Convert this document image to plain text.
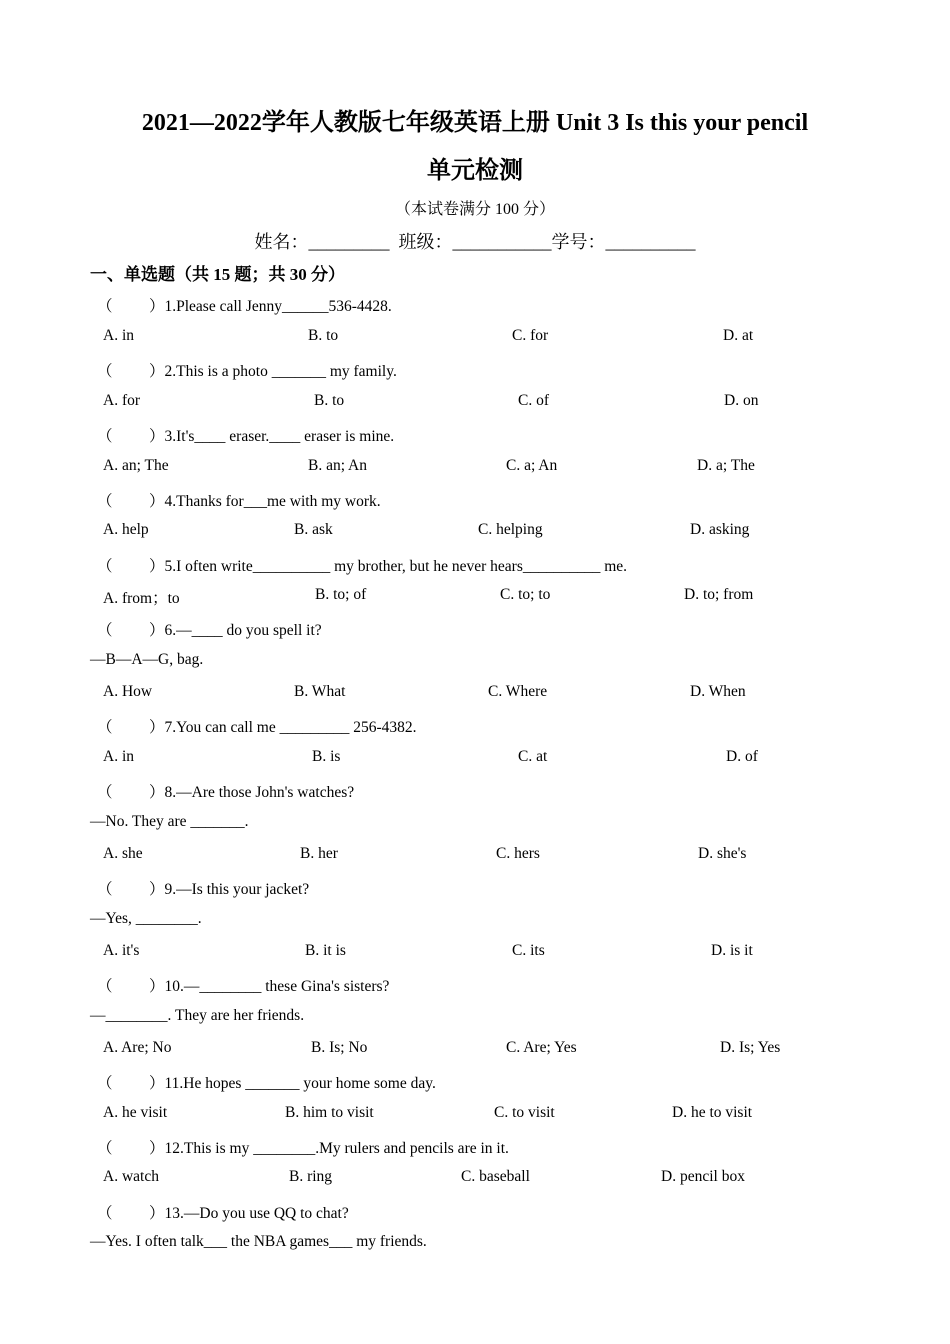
2021—2022学年人教版七年级英语上册 Unit 3 Is this your pencil
单元检测
（本试卷满分 100 分）
姓名：_________  班级：___________学号：__________
一、单选题（共 15 题；共 30 分）
（ ）1.Please call Jenny______536-4428.
A. in	B. to	C. for	D. at
（ ）2.This is a photo _______ my family.
A. for	B. to	C. of	D. on
（ ）3.It's____ eraser.____ eraser is mine.
A. an; The	B. an; An	C. a; An	D. a; The
（ ）4.Thanks for___me with my work.
A. help	B. ask	C. helping	D. asking
（ ）5.I often write__________ my brother, but he never hears__________ me.
A. from；to	B. to; of	C. to; to	D. to; from
（ ）6.—____ do you spell it?
—B—A—G, bag.
A. How	B. What	C. Where	D. When
（ ）7.You can call me _________ 256-4382.
A. in	B. is	C. at	D. of
（ ）8.—Are those John's watches?
—No. They are _______.
A. she	B. her	C. hers	D. she's
（ ）9.—Is this your jacket?
—Yes, ________.
A. it's	B. it is	C. its	D. is it
（ ）10.—________ these Gina's sisters?
—________. They are her friends.
A. Are; No	B. Is; No	C. Are; Yes	D. Is; Yes
（ ）11.He hopes _______ your home some day.
A. he visit	B. him to visit	C. to visit	D. he to visit
（ ）12.This is my ________.My rulers and pencils are in it.
A. watch	B. ring	C. baseball	D. pencil box
（ ）13.—Do you use QQ to chat?
—Yes. I often talk___ the NBA games___ my friends.
